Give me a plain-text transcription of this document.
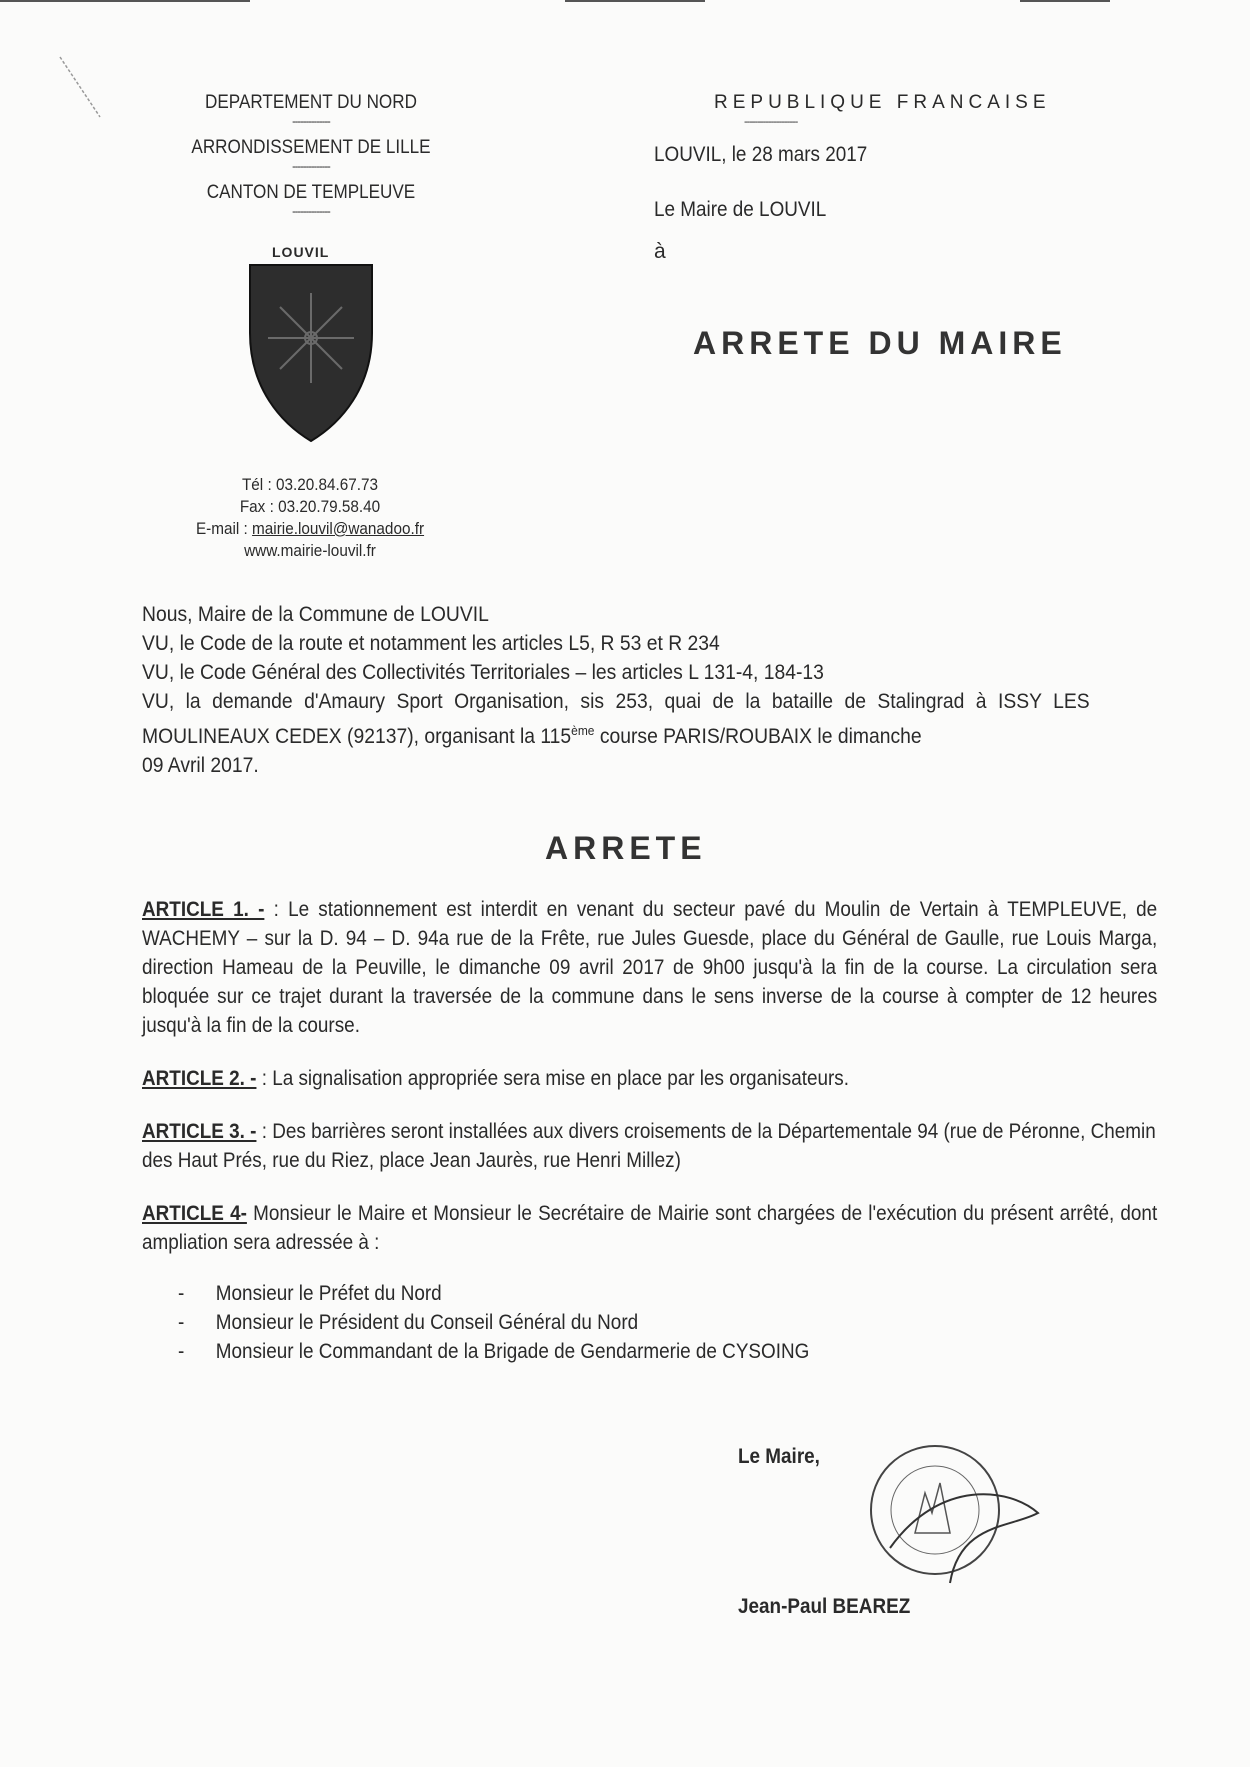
DEPARTEMENT DU NORD
--------------
ARRONDISSEMENT DE LILLE
--------------
CANTON DE TEMPLEUVE
--------------
LOUVIL
Tél : 03.20.84.67.73
Fax : 03.20.79.58.40
E-mail : mairie.louvil@wanadoo.fr
www.mairie-louvil.fr
REPUBLIQUE FRANCAISE
--------------------
LOUVIL, le 28 mars 2017
Le Maire de LOUVIL
à
ARRETE DU MAIRE

Nous, Maire de la Commune de LOUVIL

VU, le Code de la route et notamment les articles L5, R 53 et R 234

VU, le Code Général des Collectivités Territoriales – les articles L 131-4, 184-13

VU, la demande d'Amaury Sport Organisation, sis 253, quai de la bataille de Stalingrad à ISSY LES MOULINEAUX CEDEX (92137), organisant la 115ème course PARIS/ROUBAIX le dimanche

09 Avril 2017.

ARRETE

ARTICLE 1. - : Le stationnement est interdit en venant du secteur pavé du Moulin de Vertain à TEMPLEUVE, de WACHEMY – sur la D. 94 – D. 94a rue de la Frête, rue Jules Guesde, place du Général de Gaulle, rue Louis Marga, direction Hameau de la Peuville, le dimanche 09 avril 2017 de 9h00 jusqu'à la fin de la course. La circulation sera bloquée sur ce trajet durant la traversée de la commune dans le sens inverse de la course à compter de 12 heures jusqu'à la fin de la course.

ARTICLE 2. - : La signalisation appropriée sera mise en place par les organisateurs.

ARTICLE 3. - : Des barrières seront installées aux divers croisements de la Départementale 94 (rue de Péronne, Chemin des Haut Prés, rue du Riez, place Jean Jaurès, rue Henri Millez)

ARTICLE 4- Monsieur le Maire et Monsieur le Secrétaire de Mairie sont chargées de l'exécution du présent arrêté, dont ampliation sera adressée à :

- Monsieur le Préfet du Nord
- Monsieur le Président du Conseil Général du Nord
- Monsieur le Commandant de la Brigade de Gendarmerie de CYSOING
Le Maire,
Jean-Paul BEAREZ
